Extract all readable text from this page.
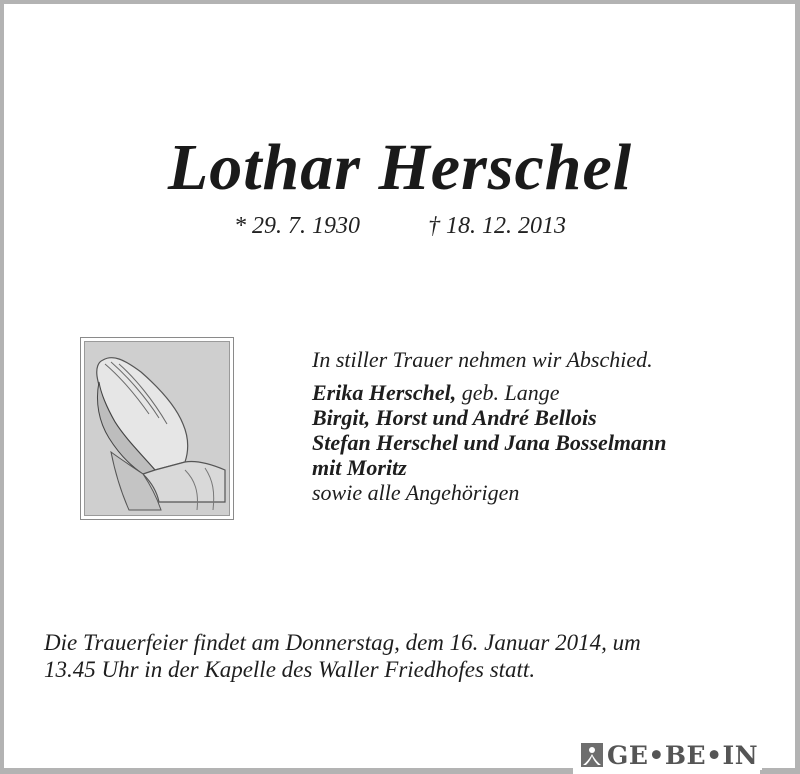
Lothar Herschel
* 29. 7. 1930	† 18. 12. 2013
In stiller Trauer nehmen wir Abschied.
Erika Herschel, geb. Lange
Birgit, Horst und André Bellois
Stefan Herschel und Jana Bosselmann
mit Moritz
sowie alle Angehörigen
Die Trauerfeier findet am Donnerstag, dem 16. Januar 2014, um
13.45 Uhr in der Kapelle des Waller Friedhofes statt.
GE•BE•IN
